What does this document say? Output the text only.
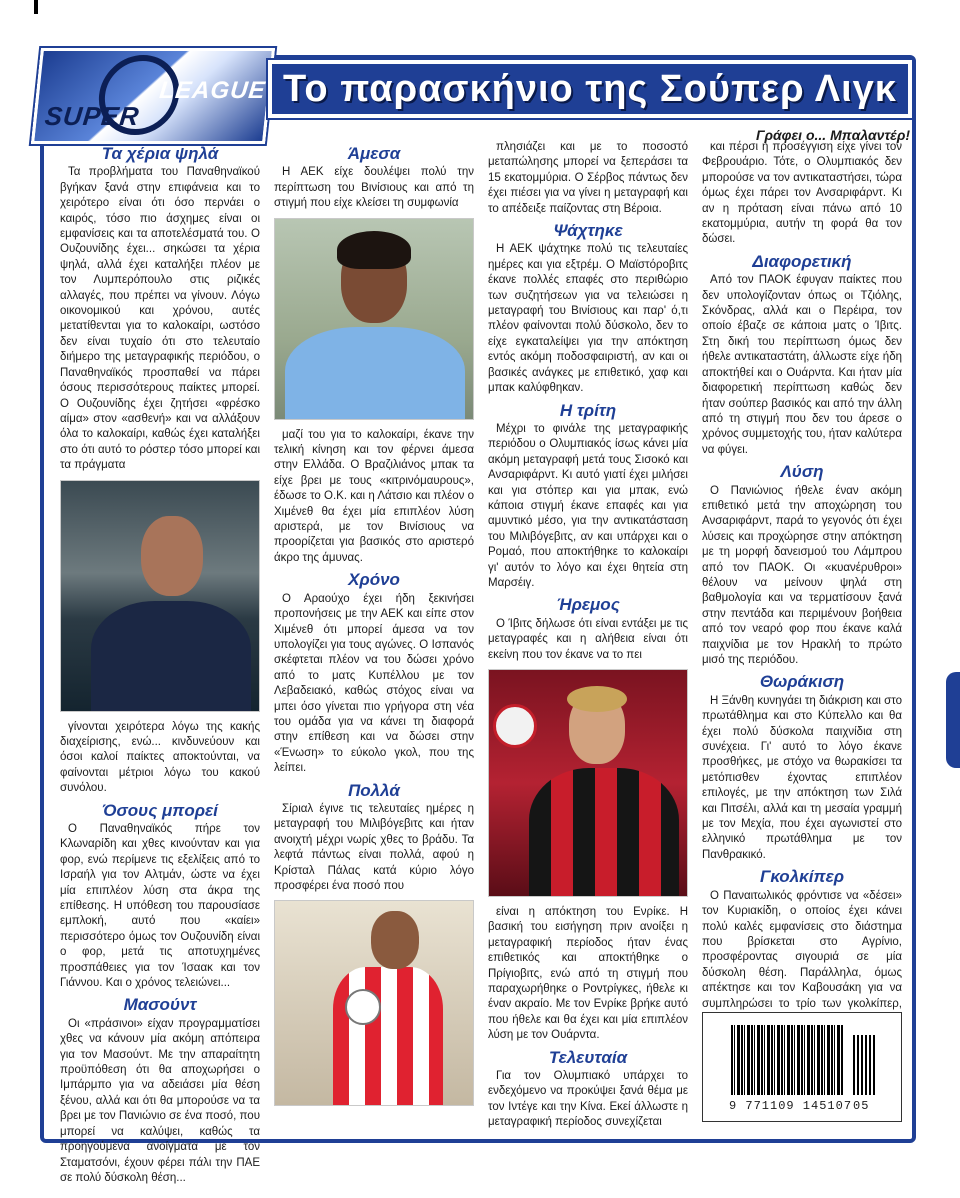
SUPER
LEAGUE Το παρασκήνιο της Σούπερ Λιγκ
Γράφει ο... Μπαλαντέρ!
Τα χέρια ψηλά

Τα προβλήματα του Παναθηναϊκού βγήκαν ξανά στην επιφάνεια και το χειρότερο είναι ότι όσο περνάει ο καιρός, τόσο πιο άσχημες είναι οι εμφανίσεις και τα αποτελέσματά του. Ο Ουζουνίδης έχει... σηκώσει τα χέρια ψηλά, αλλά έχει καταλήξει πλέον με τον Λυμπερόπουλο στις ριζικές αλλαγές, που πρέπει να γίνουν. Λόγω οικονομικού και χρόνου, αυτές μετατίθενται για το καλοκαίρι, ωστόσο δεν είναι τυχαίο ότι στο τελευταίο διήμερο της μεταγραφικής περιόδου, ο Παναθηναϊκός προσπαθεί να πάρει όσους περισσότερους παίκτες μπορεί. Ο Ουζουνίδης έχει ζητήσει «φρέσκο αίμα» στον «ασθενή» και να αλλάξουν όλα το καλοκαίρι, καθώς έχει καταλήξει στο ότι αυτό το ρόστερ τόσο μπορεί και τα πράγματα

γίνονται χειρότερα λόγω της κακής διαχείρισης, ενώ... κινδυνεύουν και όσοι καλοί παίκτες αποκτούνται, να φαίνονται μέτριοι λόγω του κακού συνόλου.

Όσους μπορεί

Ο Παναθηναϊκός πήρε τον Κλωναρίδη και χθες κινούνταν και για φορ, ενώ περίμενε τις εξελίξεις από το Ισραήλ για τον Αλτμάν, ώστε να έχει μία επιπλέον λύση στα άκρα της επίθεσης. Η υπόθεση του παρουσίασε εμπλοκή, αυτό που «καίει» περισσότερο όμως τον Ουζουνίδη είναι ο φορ, μετά τις αποτυχημένες προσπάθειες για τον Ίσαακ και τον Γιάννου. Και ο χρόνος τελειώνει...

Μασούντ

Οι «πράσινοι» είχαν προγραμματίσει χθες να κάνουν μία ακόμη απόπειρα για τον Μασούντ. Με την απαραίτητη προϋπόθεση ότι θα αποχωρήσει ο Ιμπάρμπο για να αδειάσει μία θέση ξένου, αλλά και ότι θα μπορούσε να τα βρει με τον Πανιώνιο σε ένα ποσό, που μπορεί να καλύψει, καθώς τα προηγούμενα ανοίγματα με τον Σταματσόνι, έχουν φέρει πάλι την ΠΑΕ σε πολύ δύσκολη θέση...

Άμεσα

Η ΑΕΚ είχε δουλέψει πολύ την περίπτωση του Βινίσιους και από τη στιγμή που είχε κλείσει τη συμφωνία

μαζί του για το καλοκαίρι, έκανε την τελική κίνηση και τον φέρνει άμεσα στην Ελλάδα. Ο Βραζιλιάνος μπακ τα είχε βρει με τους «κιτρινόμαυρους», έδωσε το Ο.Κ. και η Λάτσιο και πλέον ο Χιμένεθ θα έχει μία επιπλέον λύση αριστερά, με τον Βινίσιους να προορίζεται για βασικός στο αριστερό άκρο της άμυνας.

Χρόνο

Ο Αραούχο έχει ήδη ξεκινήσει προπονήσεις με την ΑΕΚ και είπε στον Χιμένεθ ότι μπορεί άμεσα να τον υπολογίζει για τους αγώνες. Ο Ισπανός σκέφτεται πλέον να του δώσει χρόνο από το ματς Κυπέλλου με τον Λεβαδειακό, καθώς στόχος είναι να μπει όσο γίνεται πιο γρήγορα στη νέα του ομάδα για να κάνει τη διαφορά στην επίθεση και να δώσει στην «Ένωση» το εύκολο γκολ, που της λείπει.

Πολλά

Σίριαλ έγινε τις τελευταίες ημέρες η μεταγραφή του Μιλιβόγεβιτς και ήταν ανοιχτή μέχρι νωρίς χθες το βράδυ. Τα λεφτά πάντως είναι πολλά, αφού η Κρίσταλ Πάλας κατά κύριο λόγο προσφέρει ένα ποσό που

πλησιάζει και με το ποσοστό μεταπώλησης μπορεί να ξεπεράσει τα 15 εκατομμύρια. Ο Σέρβος πάντως δεν έχει πιέσει για να γίνει η μεταγραφή και το απέδειξε παίζοντας στη Βέροια.

Ψάχτηκε

Η ΑΕΚ ψάχτηκε πολύ τις τελευταίες ημέρες και για εξτρέμ. Ο Μαϊστόροβιτς έκανε πολλές επαφές στο περιθώριο των συζητήσεων για να τελειώσει η μεταγραφή του Βινίσιους και παρ' ό,τι πλέον φαίνονται πολύ δύσκολο, δεν το είχε εγκαταλείψει για την απόκτηση εντός ακόμη ποδοσφαιριστή, αν και οι βασικές ανάγκες με επιθετικό, χαφ και μπακ καλύφθηκαν.

Η τρίτη

Μέχρι το φινάλε της μεταγραφικής περιόδου ο Ολυμπιακός ίσως κάνει μία ακόμη μεταγραφή μετά τους Σισοκό και Ανσαριφάρντ. Κι αυτό γιατί έχει μιλήσει και για στόπερ και για μπακ, ενώ κάποια στιγμή έκανε επαφές και για αμυντικό μέσο, για την αντικατάσταση του Μιλιβόγεβιτς, αν και υπάρχει και ο Ρομαό, που αποκτήθηκε το καλοκαίρι γι' αυτόν το λόγο και έχει θητεία στη Μαρσέιγ.

Ήρεμος

Ο Ίβιτς δήλωσε ότι είναι εντάξει με τις μεταγραφές και η αλήθεια είναι ότι εκείνη που τον έκανε να το πει

είναι η απόκτηση του Ενρίκε. Η βασική του εισήγηση πριν ανοίξει η μεταγραφική περίοδος ήταν ένας επιθετικός και αποκτήθηκε ο Πρίγιοβιτς, ενώ από τη στιγμή που παραχωρήθηκε ο Ροντρίγκες, ήθελε κι έναν ακραίο. Με τον Ενρίκε βρήκε αυτό που ήθελε και θα έχει και μία επιπλέον λύση με τον Ουάρντα.

Τελευταία

Για τον Ολυμπιακό υπάρχει το ενδεχόμενο να προκύψει ξανά θέμα με τον Ιντέγε και την Κίνα. Εκεί άλλωστε η μεταγραφική περίοδος συνεχίζεται

και πέρσι η προσέγγιση είχε γίνει τον Φεβρουάριο. Τότε, ο Ολυμπιακός δεν μπορούσε να τον αντικαταστήσει, τώρα όμως έχει πάρει τον Ανσαριφάρντ. Κι αν η πρόταση είναι πάνω από 10 εκατομμύρια, αυτήν τη φορά θα τον δώσει.

Διαφορετική

Από τον ΠΑΟΚ έφυγαν παίκτες που δεν υπολογίζονταν όπως οι Τζιόλης, Σκόνδρας, αλλά και ο Περέιρα, τον οποίο έβαζε σε κάποια ματς ο Ίβιτς. Στη δική του περίπτωση όμως δεν ήθελε αντικαταστάτη, άλλωστε είχε ήδη αποκτήθεί και ο Ουάρντα. Και ήταν μία διαφορετική περίπτωση καθώς δεν ήταν σούπερ βασικός και από την άλλη από τη στιγμή που δεν του άρεσε ο χρόνος συμμετοχής του, ήταν καλύτερα να φύγει.

Λύση

Ο Πανιώνιος ήθελε έναν ακόμη επιθετικό μετά την αποχώρηση του Ανσαριφάρντ, παρά το γεγονός ότι έχει λύσεις και προχώρησε στην απόκτηση με τη μορφή δανεισμού του Λάμπρου από τον ΠΑΟΚ. Οι «κυανέρυθροι» θέλουν να μείνουν ψηλά στη βαθμολογία και να τερματίσουν ξανά στην πεντάδα και περιμένουν βοήθεια από τον νεαρό φορ που έκανε καλά παιχνίδια με τον Ηρακλή το πρώτο μισό της περιόδου.

Θωράκιση

Η Ξάνθη κυνηγάει τη διάκριση και στο πρωτάθλημα και στο Κύπελλο και θα έχει πολύ δύσκολα παιχνίδια στη συνέχεια. Γι' αυτό το λόγο έκανε προσθήκες, με στόχο να θωρακίσει τα μετόπισθεν έχοντας επιπλέον επιλογές, με την απόκτηση των Σιλά και Πιτσέλι, αλλά και τη μεσαία γραμμή με τον Μεχία, που έχει αγωνιστεί στο ελληνικό πρωτάθλημα με τον Πανθρακικό.

Γκολκίπερ

Ο Παναιτωλικός φρόντισε να «δέσει» τον Κυριακίδη, ο οποίος έχει κάνει πολύ καλές εμφανίσεις στο διάστημα που βρίσκεται στο Αγρίνιο, προσφέροντας σιγουριά σε μία δύσκολη θέση. Παράλληλα, όμως απέκτησε και τον Καβουσάκη για να συμπληρώσει το τρίο των γκολκίπερ,

9 771109 145107 05
